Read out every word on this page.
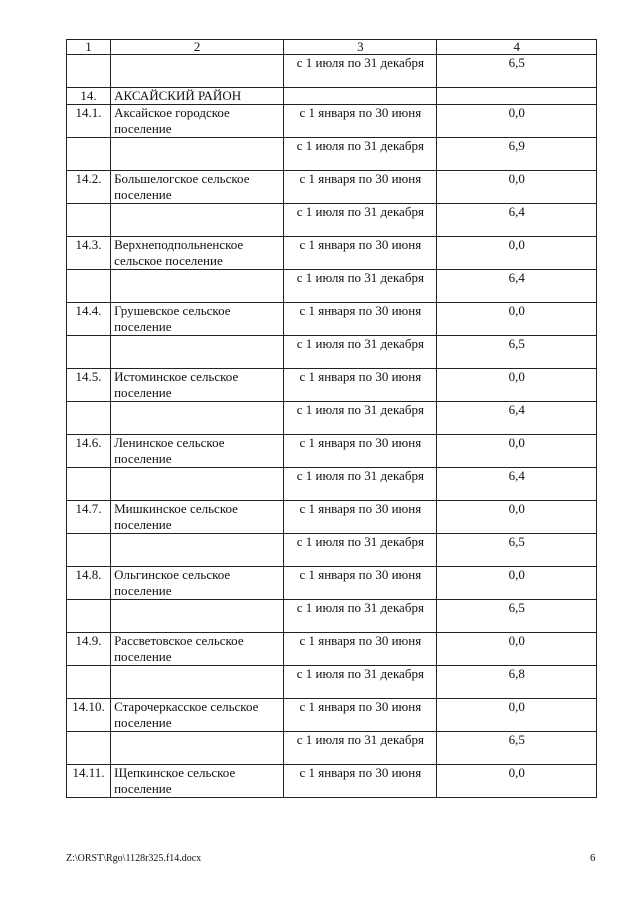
1	2	3	4
		с 1 июля по 31 декабря	6,5
14.	АКСАЙСКИЙ РАЙОН		
14.1.	Аксайское городское поселение	с 1 января по 30 июня	0,0
		с 1 июля по 31 декабря	6,9
14.2.	Большелогское сельское поселение	с 1 января по 30 июня	0,0
		с 1 июля по 31 декабря	6,4
14.3.	Верхнеподпольненское сельское поселение	с 1 января по 30 июня	0,0
		с 1 июля по 31 декабря	6,4
14.4.	Грушевское сельское поселение	с 1 января по 30 июня	0,0
		с 1 июля по 31 декабря	6,5
14.5.	Истоминское сельское поселение	с 1 января по 30 июня	0,0
		с 1 июля по 31 декабря	6,4
14.6.	Ленинское сельское поселение	с 1 января по 30 июня	0,0
		с 1 июля по 31 декабря	6,4
14.7.	Мишкинское сельское поселение	с 1 января по 30 июня	0,0
		с 1 июля по 31 декабря	6,5
14.8.	Ольгинское сельское поселение	с 1 января по 30 июня	0,0
		с 1 июля по 31 декабря	6,5
14.9.	Рассветовское сельское поселение	с 1 января по 30 июня	0,0
		с 1 июля по 31 декабря	6,8
14.10.	Старочеркасское сельское поселение	с 1 января по 30 июня	0,0
		с 1 июля по 31 декабря	6,5
14.11.	Щепкинское сельское поселение	с 1 января по 30 июня	0,0
Z:\ORST\Rgo\1128r325.f14.docx	6
